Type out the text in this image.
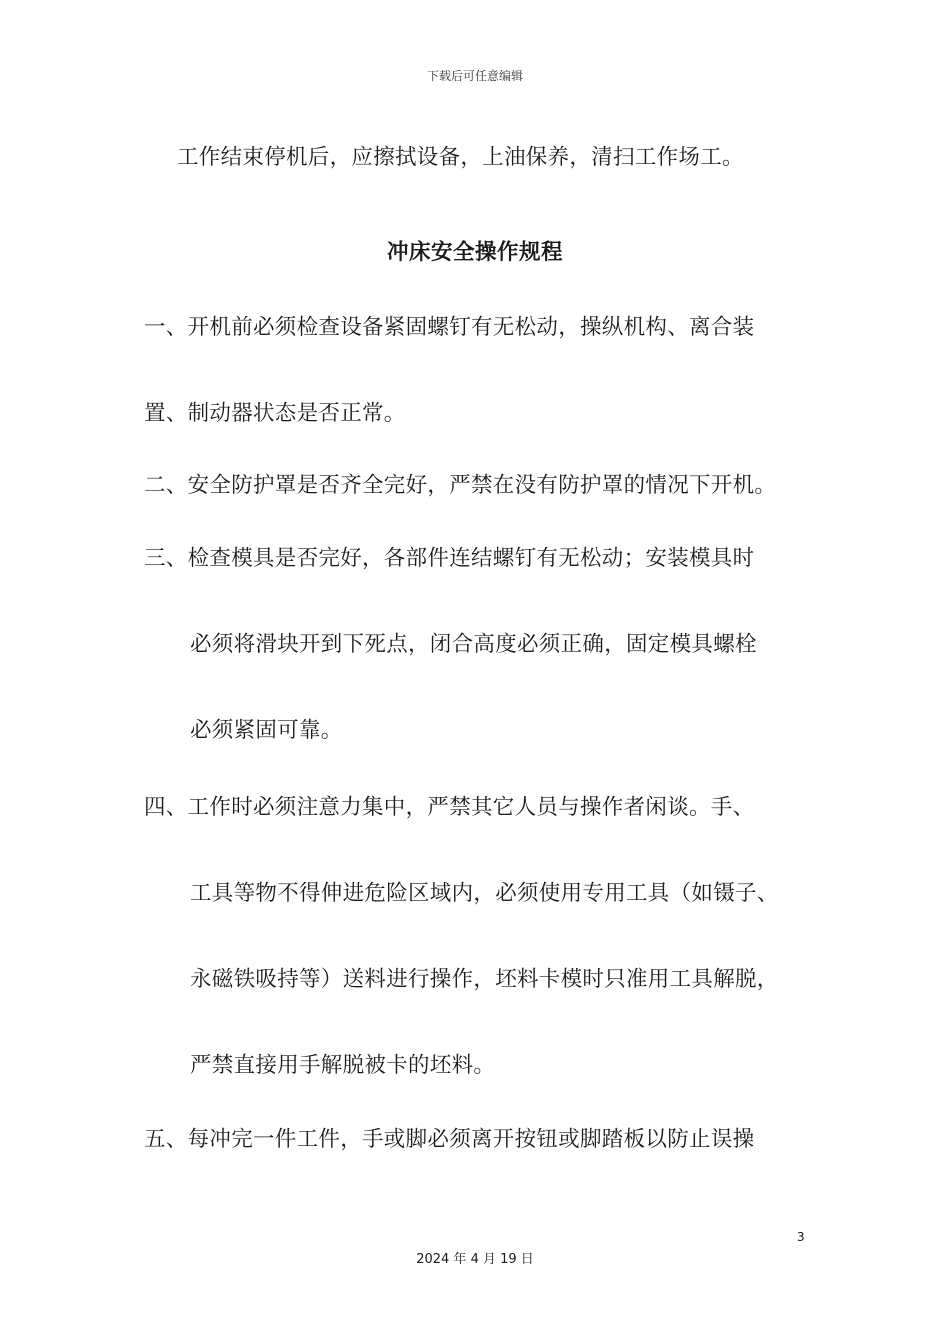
下载后可任意编辑
工作结束停机后，应擦拭设备，上油保养，清扫工作场工。
冲床安全操作规程
一、开机前必须检查设备紧固螺钉有无松动，操纵机构、离合装
置、制动器状态是否正常。
二、安全防护罩是否齐全完好，严禁在没有防护罩的情况下开机。
三、检查模具是否完好，各部件连结螺钉有无松动；安装模具时
必须将滑块开到下死点，闭合高度必须正确，固定模具螺栓
必须紧固可靠。
四、工作时必须注意力集中，严禁其它人员与操作者闲谈。手、
工具等物不得伸进危险区域内，必须使用专用工具（如镊子、
永磁铁吸持等）送料进行操作，坯料卡模时只准用工具解脱，
严禁直接用手解脱被卡的坯料。
五、每冲完一件工件，手或脚必须离开按钮或脚踏板以防止误操
3
2024 年 4 月 19 日
